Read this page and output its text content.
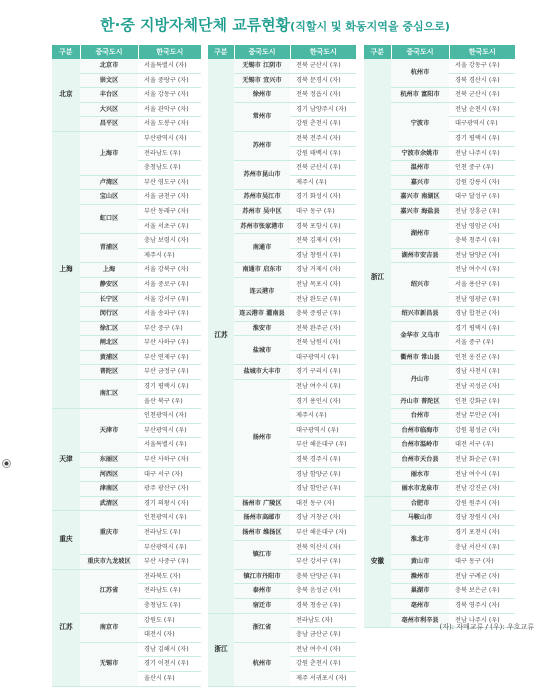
한·중 지방자체단체 교류현황(직할시 및 화동지역을 중심으로)
구분	중국도시	한국도시
北京	北京市	서울특별시 (자)
	崇文区	서울 중랑구 (자)
	丰台区	서울 강동구 (자)
	大兴区	서울 관악구 (자)
	昌平区	서울 도봉구 (자)
上海	上海市	부산광역시 (자)
		전라남도 (우)
		충청남도 (우)
	卢湾区	부산 영도구 (자)
	宝山区	서울 금천구 (자)
	虹口区	부산 동래구 (자)
		서울 서초구 (우)
	青浦区	충남 보령시 (자)
		제주시 (우)
	上海	서울 강북구 (자)
	静安区	서울 중로구 (우)
	长宁区	서울 강서구 (우)
	闵行区	서울 송파구 (우)
	徐汇区	부산 중구 (우)
	闸北区	부산 사하구 (우)
	黄浦区	부산 연제구 (우)
	普陀区	부산 금정구 (우)
	南汇区	경기 평택시 (우)
		울산 북구 (우)
天津	天津市	인천광역시 (자)
		부산광역시 (우)
		서울특별시 (우)
	东丽区	부산 사하구 (자)
	河西区	대구 서구 (자)
	津南区	광주 광산구 (자)
	武清区	경기 의왕시 (자)
重庆	重庆市	인천광역시 (우)
		전라남도 (우)
		부산광역시 (우)
	重庆市九龙坡区	부산 사중구 (우)
江苏	江苏省	전라북도 (자)
		전라남도 (우)
		충청남도 (우)
	南京市	강원도 (우)
		대전시 (자)
	无锡市	경남 김해시 (자)
		경기 이천시 (우)
		울산시 (우)
구분	중국도시	한국도시
江苏	无锡市 江阴市	전북 군산시 (우)
	无锡市 宜兴市	경북 문경시 (자)
	徐州市	전북 정읍시 (자)
	常州市	경기 남양주시 (자)
		강원 춘천시 (우)
	苏州市	전북 전주시 (자)
		강원 태백시 (우)
	苏州市昆山市	전북 군산시 (우)
		제주시 (우)
	苏州市吴江市	경기 화성시 (자)
	苏州市 吴中区	대구 동구 (우)
	苏州市张家港市	경북 포항시 (우)
	南通市	전북 김제시 (자)
		경남 창원시 (우)
	南通市 启东市	경남 거제시 (자)
	连云港市	전남 목포시 (자)
		전남 완도군 (우)
	连云港市 灌南县	충북 증평군 (우)
	淮安市	전북 완주군 (자)
	盐城市	전북 남원시 (자)
		대구광역시 (우)
	盐城市大丰市	경기 구리시 (우)
	扬州市	전남 여수시 (우)
		경기 용인시 (자)
		제주시 (우)
		대구광역시 (우)
		부산 해운대구 (우)
		경북 경주시 (우)
		경남 함양군 (우)
		경남 함안군 (우)
	扬州市 广陵区	대전 동구 (자)
	扬州市高邮市	경남 거창군 (자)
	扬州市 维扬区	부산 해운대구 (자)
	镇江市	전북 익산시 (자)
		부산 강서구 (우)
	镇江市丹阳市	충북 단양군 (우)
	泰州市	충북 음성군 (자)
	宿迁市	경북 청송군 (우)
浙江	浙江省	전라남도 (자)
		충남 금산군 (우)
	杭州市	전남 여수시 (자)
		강원 춘천시 (우)
		제주 서귀포시 (자)
구분	중국도시	한국도시
浙江	杭州市	서울 강동구 (우)
		경북 경산시 (우)
	杭州市 富阳市	전북 군산시 (우)
	宁波市	전남 순천시 (우)
		대구광역시 (우)
		경기 평택시 (우)
	宁波市余姚市	전남 나주시 (우)
	温州市	인천 중구 (우)
	嘉兴市	강원 강릉시 (자)
	嘉兴市 南湖区	대구 달성구 (우)
	嘉兴市 海盐县	전남 장흥군 (우)
	湖州市	전남 영암군 (자)
		충북 청주시 (우)
	湖州市安吉县	전남 담양군 (자)
	绍兴市	전남 여수시 (우)
		서울 용산구 (우)
		전남 영광군 (우)
	绍兴市新昌县	경남 합천군 (자)
	金华市 义乌市	경기 평택시 (우)
		서울 중구 (우)
	衢州市 常山县	인천 옹진군 (우)
	丹山市	경남 사천시 (우)
		전남 곡성군 (자)
	丹山市 普陀区	인천 강화군 (우)
	台州市	전남 무안군 (자)
	台州市临海市	강원 횡성군 (자)
	台州市温岭市	대전 서구 (우)
	台州市天台县	전남 화순군 (우)
	丽水市	전남 여수시 (우)
	丽水市龙泉市	전남 강진군 (자)
安徽	合肥市	강원 원주시 (자)
	马鞍山市	경남 창원시 (자)
	淮北市	경기 포천시 (자)
		충남 서산시 (우)
	黄山市	대구 동구 (자)
	滁州市	전남 구례군 (자)
	巢湖市	충북 보은군 (우)
	亳州市	경북 영주시 (자)
	亳州市利辛县	전남 나주시 (우)
(자): 자매교류 / (우): 우호교류
